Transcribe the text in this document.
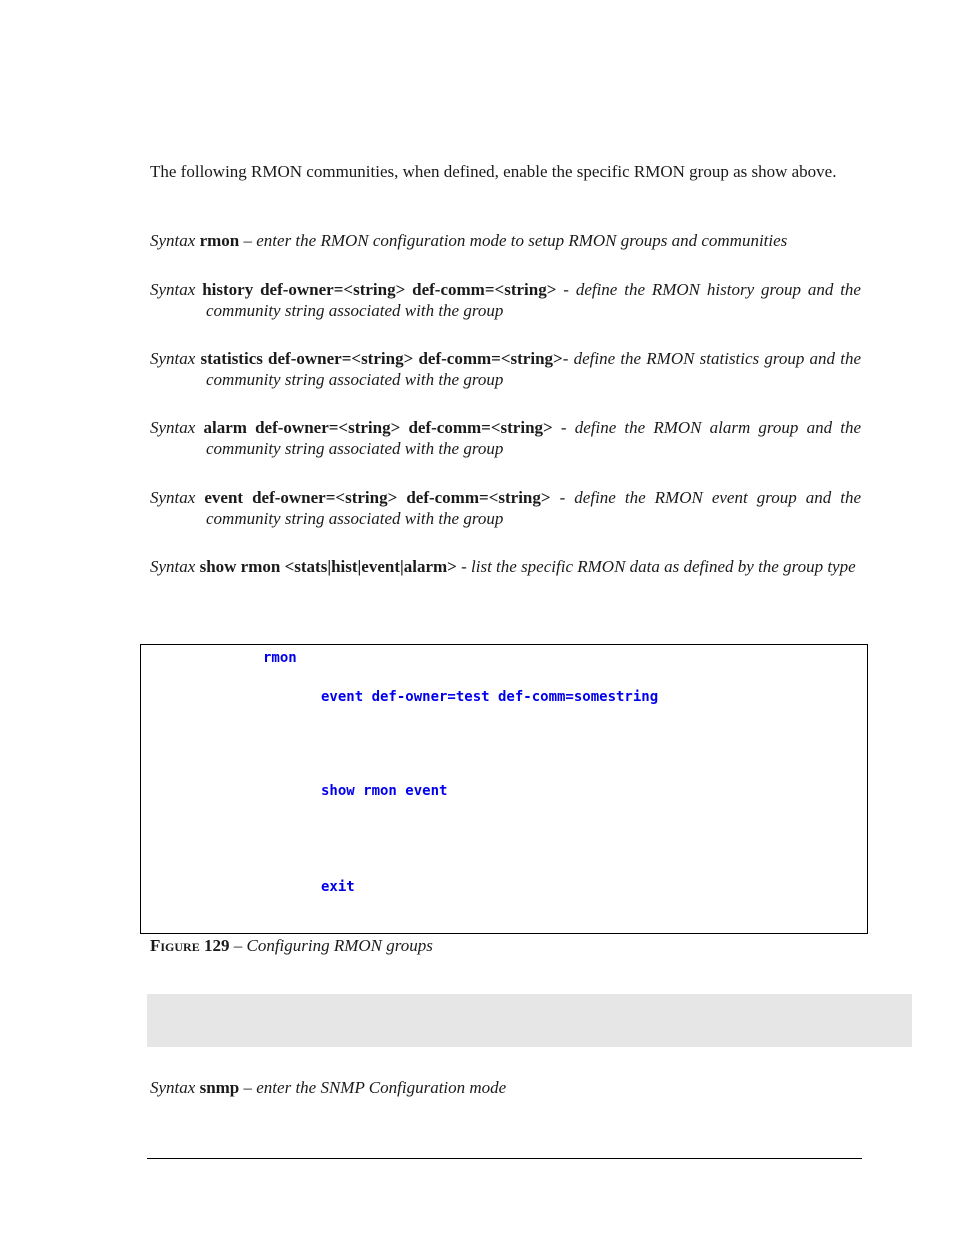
The following RMON communities, when defined, enable the specific RMON group as show above.

Syntax rmon – enter the RMON configuration mode to setup RMON groups and communities

Syntax history def-owner=<string> def-comm=<string> - define the RMON history group and the community string associated with the group

Syntax statistics def-owner=<string> def-comm=<string>- define the RMON statistics group and the community string associated with the group

Syntax alarm def-owner=<string> def-comm=<string> - define the RMON alarm group and the community string associated with the group

Syntax event def-owner=<string> def-comm=<string> - define the RMON event group and the community string associated with the group

Syntax show rmon <stats|hist|event|alarm> - list the specific RMON data as defined by the group type

rmon
event def-owner=test def-comm=somestring
show rmon event
exit
Figure 129 – Configuring RMON groups

Syntax snmp – enter the SNMP Configuration mode
